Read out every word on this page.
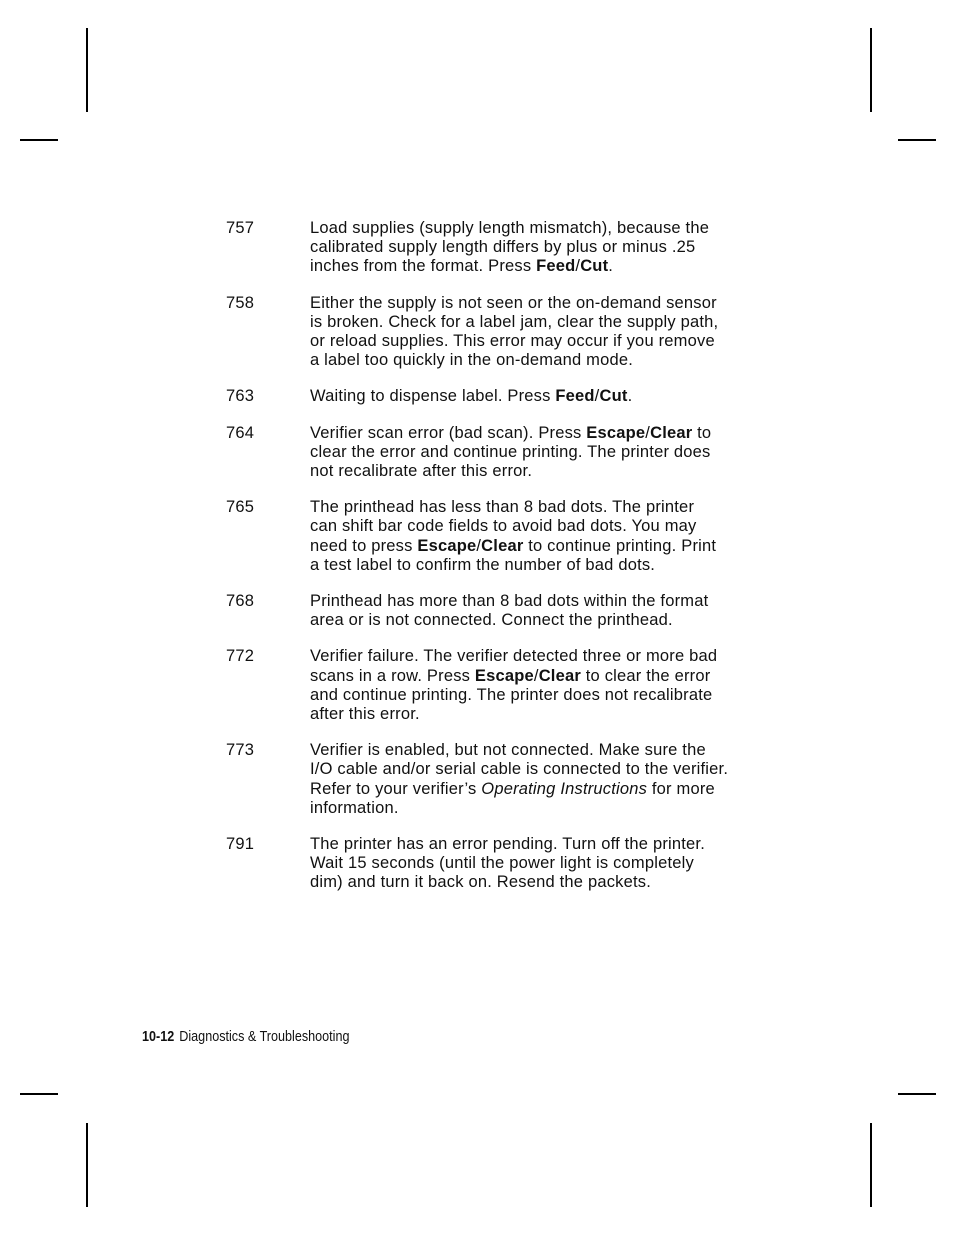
757	Load supplies (supply length mismatch), because the
calibrated supply length differs by plus or minus .25
inches from the format. Press Feed/Cut.
758	Either the supply is not seen or the on-demand sensor
is broken. Check for a label jam, clear the supply path,
or reload supplies. This error may occur if you remove
a label too quickly in the on-demand mode.
763	Waiting to dispense label. Press Feed/Cut.
764	Verifier scan error (bad scan). Press Escape/Clear to
clear the error and continue printing. The printer does
not recalibrate after this error.
765	The printhead has less than 8 bad dots. The printer
can shift bar code fields to avoid bad dots. You may
need to press Escape/Clear to continue printing. Print
a test label to confirm the number of bad dots.
768	Printhead has more than 8 bad dots within the format
area or is not connected. Connect the printhead.
772	Verifier failure. The verifier detected three or more bad
scans in a row. Press Escape/Clear to clear the error
and continue printing. The printer does not recalibrate
after this error.
773	Verifier is enabled, but not connected. Make sure the
I/O cable and/or serial cable is connected to the verifier.
Refer to your verifier’s Operating Instructions for more
information.
791	The printer has an error pending. Turn off the printer.
Wait 15 seconds (until the power light is completely
dim) and turn it back on. Resend the packets.
10-12 Diagnostics & Troubleshooting
